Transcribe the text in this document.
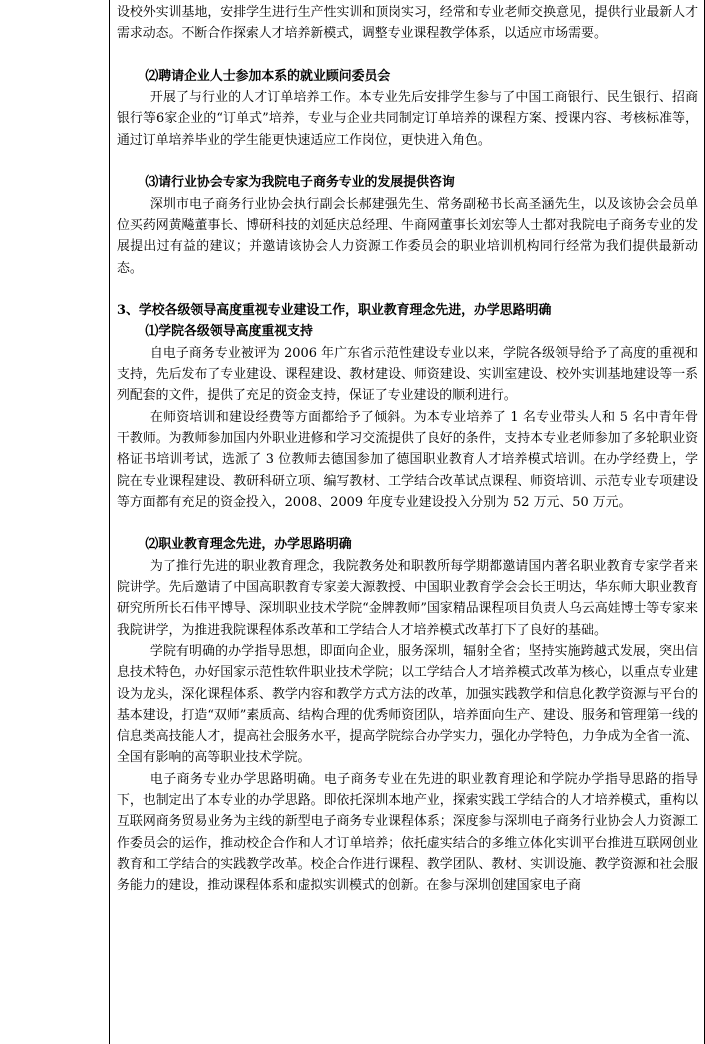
设校外实训基地，安排学生进行生产性实训和顶岗实习，经常和专业老师交换意见，提供行业最新人才需求动态。不断合作探索人才培养新模式，调整专业课程教学体系，以适应市场需要。

⑵聘请企业人士参加本系的就业顾问委员会

开展了与行业的人才订单培养工作。本专业先后安排学生参与了中国工商银行、民生银行、招商银行等6家企业的“订单式”培养，专业与企业共同制定订单培养的课程方案、授课内容、考核标准等，通过订单培养毕业的学生能更快速适应工作岗位，更快进入角色。

⑶请行业协会专家为我院电子商务专业的发展提供咨询

深圳市电子商务行业协会执行副会长郝建强先生、常务副秘书长高圣涵先生，以及该协会会员单位买药网黄飚董事长、博研科技的刘延庆总经理、牛商网董事长刘宏等人士都对我院电子商务专业的发展提出过有益的建议；并邀请该协会人力资源工作委员会的职业培训机构同行经常为我们提供最新动态。

3、学校各级领导高度重视专业建设工作，职业教育理念先进，办学思路明确

⑴学院各级领导高度重视支持

自电子商务专业被评为 2006 年广东省示范性建设专业以来，学院各级领导给予了高度的重视和支持，先后发布了专业建设、课程建设、教材建设、师资建设、实训室建设、校外实训基地建设等一系列配套的文件，提供了充足的资金支持，保证了专业建设的顺利进行。

在师资培训和建设经费等方面都给予了倾斜。为本专业培养了 1 名专业带头人和 5 名中青年骨干教师。为教师参加国内外职业进修和学习交流提供了良好的条件，支持本专业老师参加了多轮职业资格证书培训考试，选派了 3 位教师去德国参加了德国职业教育人才培养模式培训。在办学经费上，学院在专业课程建设、教研科研立项、编写教材、工学结合改革试点课程、师资培训、示范专业专项建设等方面都有充足的资金投入，2008、2009 年度专业建设投入分别为 52 万元、50 万元。

⑵职业教育理念先进，办学思路明确

为了推行先进的职业教育理念，我院教务处和职教所每学期都邀请国内著名职业教育专家学者来院讲学。先后邀请了中国高职教育专家姜大源教授、中国职业教育学会会长王明达，华东师大职业教育研究所所长石伟平博导、深圳职业技术学院“金牌教师”国家精品课程项目负责人乌云高娃博士等专家来我院讲学，为推进我院课程体系改革和工学结合人才培养模式改革打下了良好的基础。

学院有明确的办学指导思想，即面向企业，服务深圳，辐射全省；坚持实施跨越式发展，突出信息技术特色，办好国家示范性软件职业技术学院；以工学结合人才培养模式改革为核心，以重点专业建设为龙头，深化课程体系、教学内容和教学方式方法的改革，加强实践教学和信息化教学资源与平台的基本建设，打造“双师”素质高、结构合理的优秀师资团队，培养面向生产、建设、服务和管理第一线的信息类高技能人才，提高社会服务水平，提高学院综合办学实力，强化办学特色，力争成为全省一流、全国有影响的高等职业技术学院。

电子商务专业办学思路明确。电子商务专业在先进的职业教育理论和学院办学指导思路的指导下，也制定出了本专业的办学思路。即依托深圳本地产业，探索实践工学结合的人才培养模式，重构以互联网商务贸易业务为主线的新型电子商务专业课程体系；深度参与深圳电子商务行业协会人力资源工作委员会的运作，推动校企合作和人才订单培养；依托虚实结合的多维立体化实训平台推进互联网创业教育和工学结合的实践教学改革。校企合作进行课程、教学团队、教材、实训设施、教学资源和社会服务能力的建设，推动课程体系和虚拟实训模式的创新。在参与深圳创建国家电子商
